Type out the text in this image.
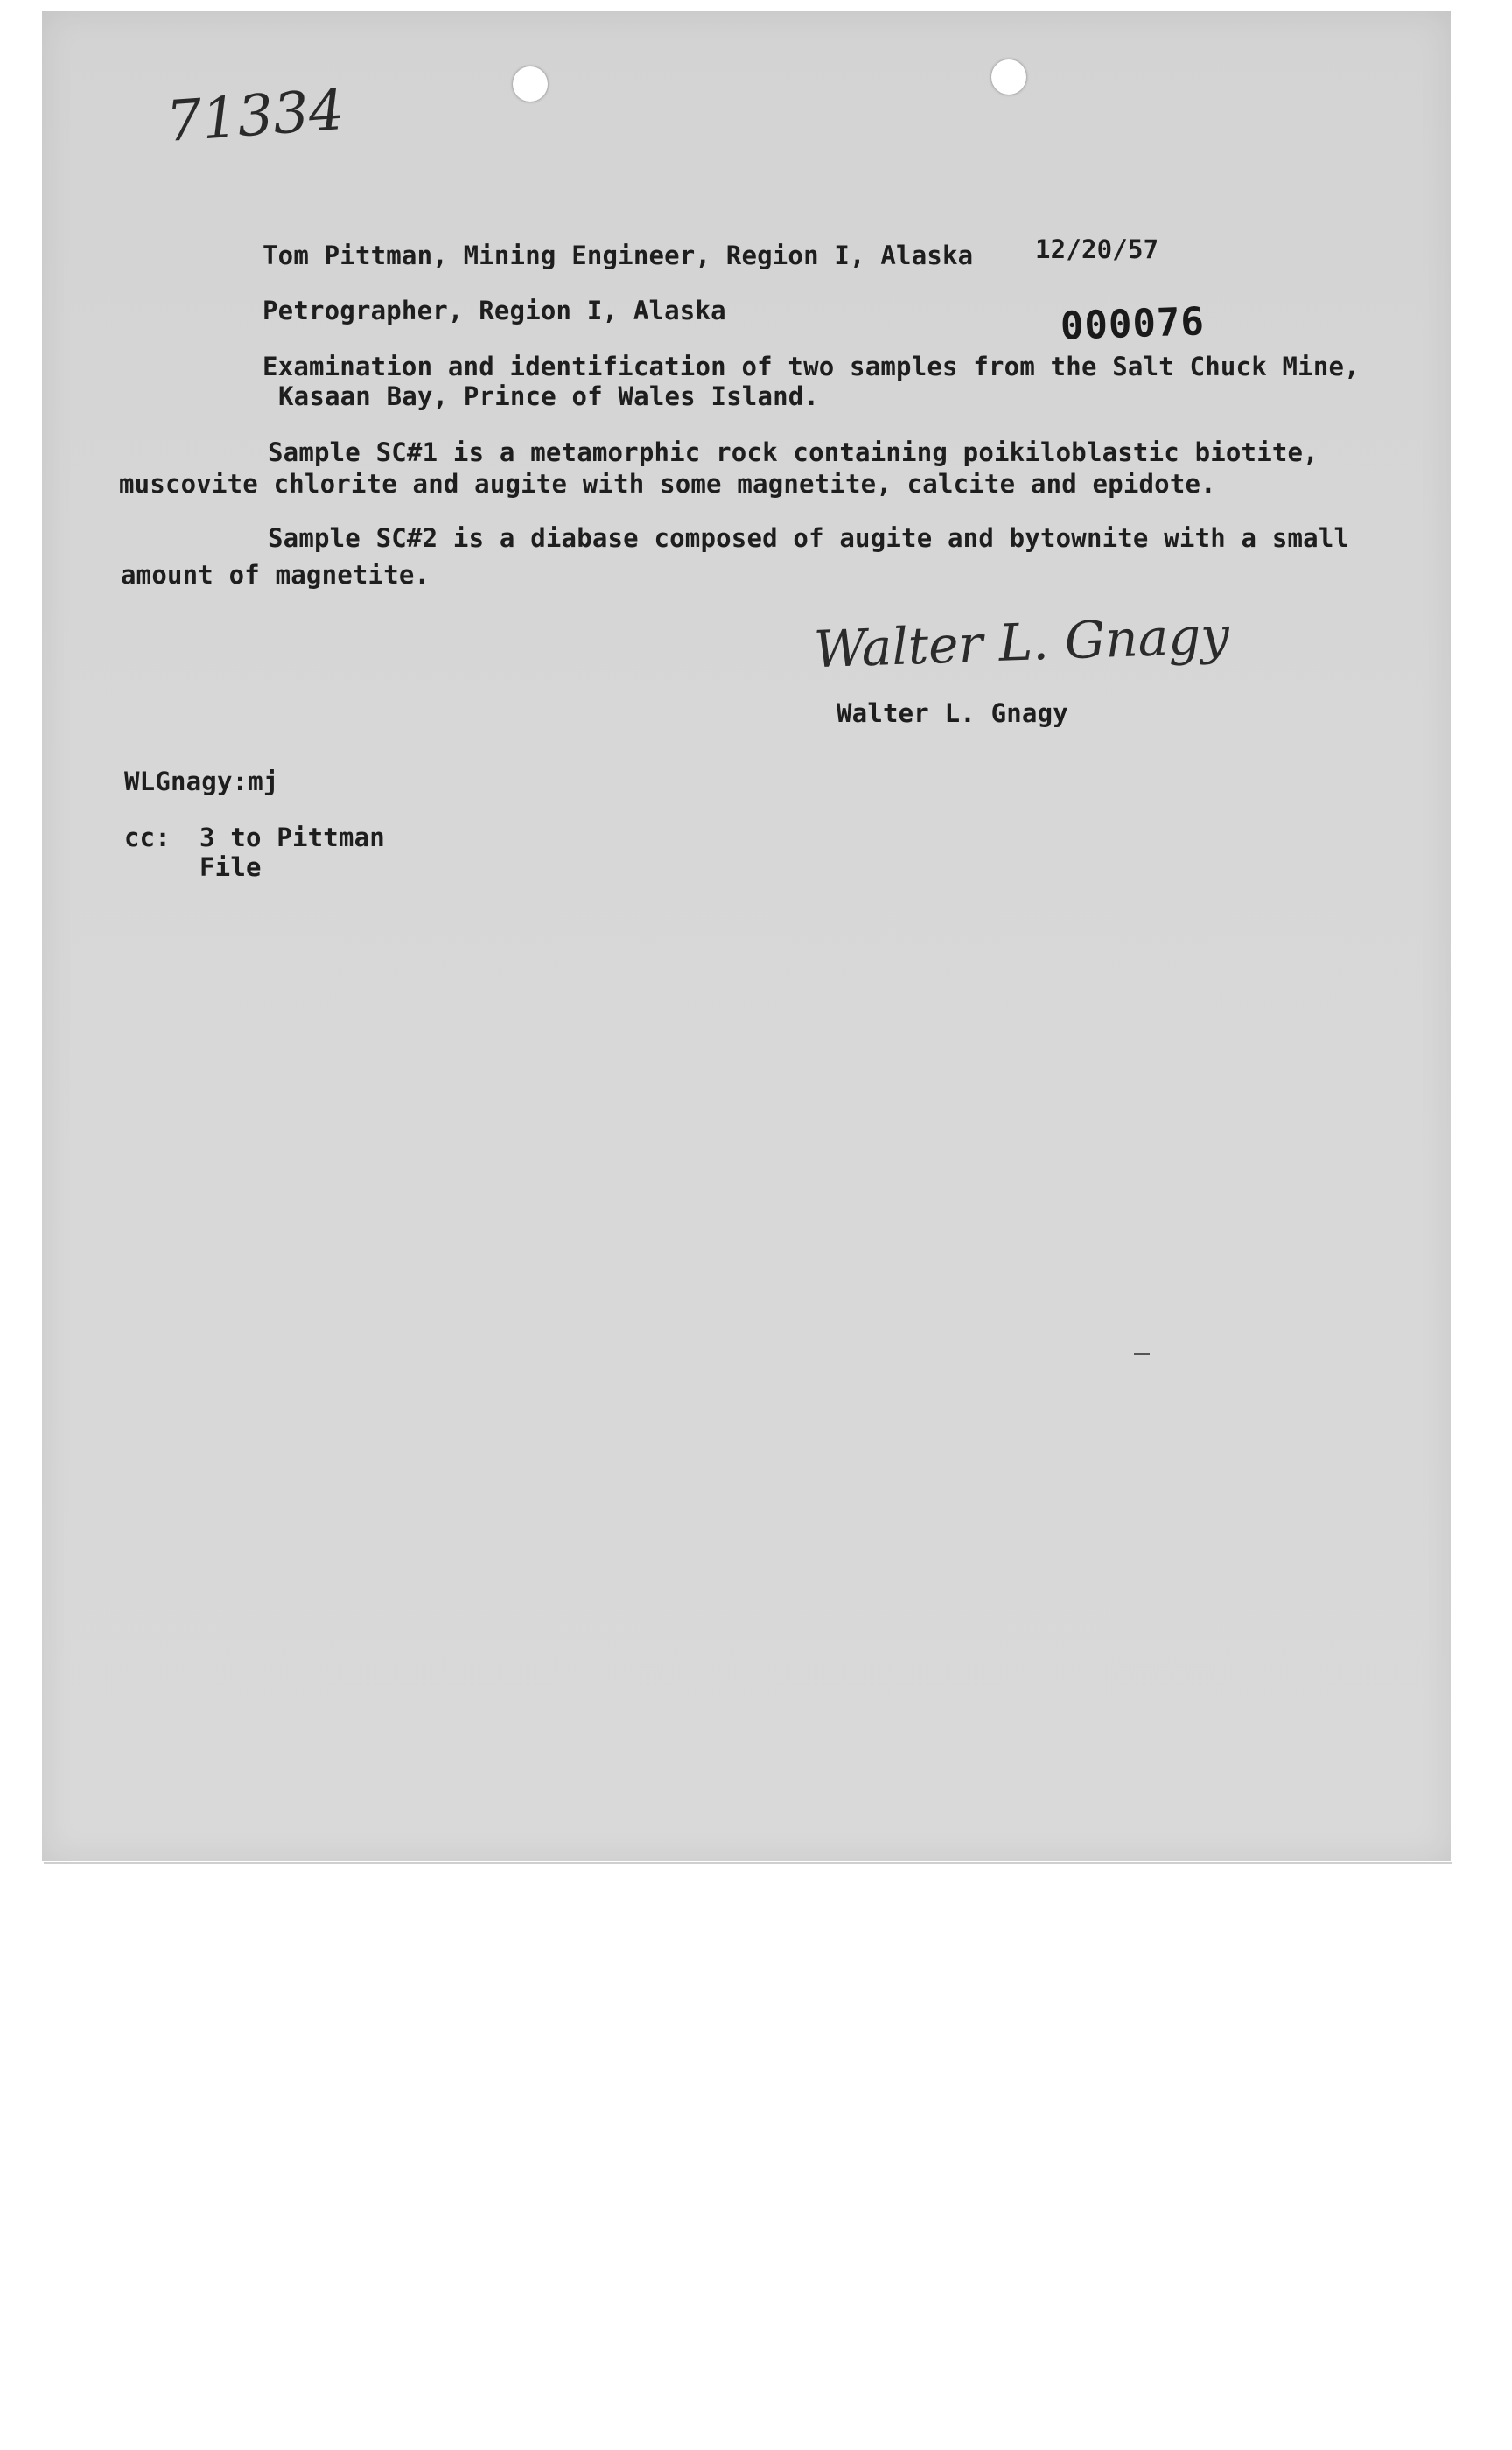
71334
Tom Pittman, Mining Engineer, Region I, Alaska 12/20/57
Petrographer, Region I, Alaska	000076
Examination and identification of two samples from the Salt Chuck Mine,
Kasaan Bay, Prince of Wales Island.
Sample SC#1 is a metamorphic rock containing poikiloblastic biotite,
muscovite chlorite and augite with some magnetite, calcite and epidote.
Sample SC#2 is a diabase composed of augite and bytownite with a small
amount of magnetite.
Walter L. Gnagy
Walter L. Gnagy
WLGnagy:mj
cc: 3 to Pittman
File
